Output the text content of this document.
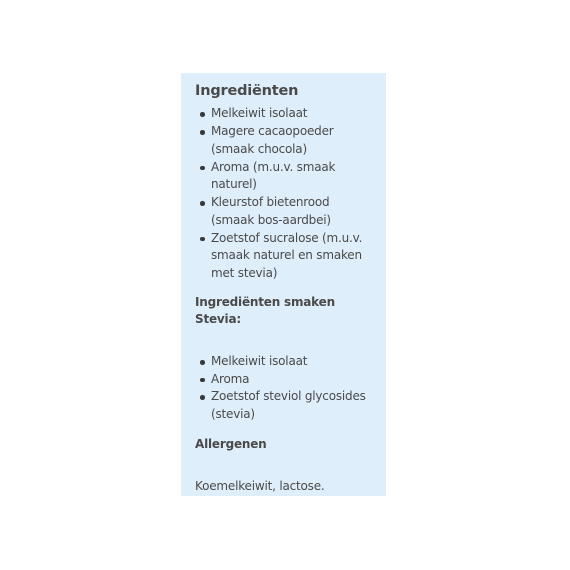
Ingrediënten
Melkeiwit isolaat
Magere cacaopoeder (smaak chocola)
Aroma (m.u.v. smaak naturel)
Kleurstof bietenrood (smaak bos-aardbei)
Zoetstof sucralose (m.u.v. smaak naturel en smaken met stevia)
Ingrediënten smaken Stevia:
Melkeiwit isolaat
Aroma
Zoetstof steviol glycosides (stevia)
Allergenen
Koemelkeiwit, lactose.
